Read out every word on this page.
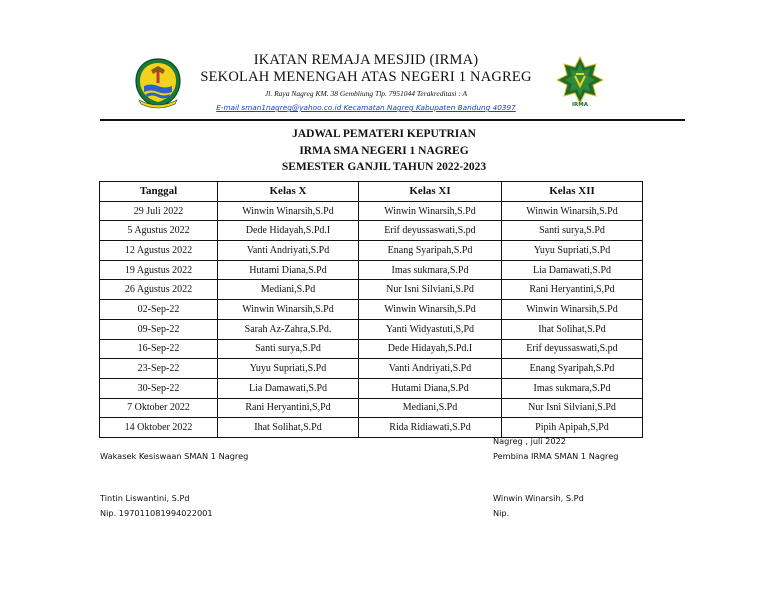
IKATAN REMAJA MESJID (IRMA)
SEKOLAH MENENGAH ATAS NEGERI 1 NAGREG
Jl. Raya Nagreg KM. 38 Gembliung Tlp. 7951044 Terakreditasi : A
E-mail sman1nagreg@yahoo.co.id Kecamatan Nagreg Kabupaten Bandung 40397	IRMA
JADWAL PEMATERI KEPUTRIAN
IRMA SMA NEGERI 1 NAGREG
SEMESTER GANJIL TAHUN 2022-2023
Tanggal	Kelas X	Kelas XI	Kelas XII
29 Juli 2022	Winwin Winarsih,S.Pd	Winwin Winarsih,S.Pd	Winwin Winarsih,S.Pd
5 Agustus 2022	Dede Hidayah,S.Pd.I	Erif deyussaswati,S.pd	Santi surya,S.Pd
12 Agustus 2022	Vanti Andriyati,S.Pd	Enang Syaripah,S.Pd	Yuyu Supriati,S.Pd
19 Agustus 2022	Hutami Diana,S.Pd	Imas sukmara,S.Pd	Lia Damawati,S.Pd
26 Agustus 2022	Mediani,S.Pd	Nur Isni Silviani,S.Pd	Rani Heryantini,S,Pd
02-Sep-22	Winwin Winarsih,S.Pd	Winwin Winarsih,S.Pd	Winwin Winarsih,S.Pd
09-Sep-22	Sarah Az-Zahra,S.Pd.	Yanti Widyastuti,S,Pd	Ihat Solihat,S.Pd
16-Sep-22	Santi surya,S.Pd	Dede Hidayah,S.Pd.I	Erif deyussaswati,S.pd
23-Sep-22	Yuyu Supriati,S.Pd	Vanti Andriyati,S.Pd	Enang Syaripah,S.Pd
30-Sep-22	Lia Damawati,S.Pd	Hutami Diana,S.Pd	Imas sukmara,S.Pd
7 Oktober 2022	Rani Heryantini,S,Pd	Mediani,S.Pd	Nur Isni Silviani,S.Pd
14 Oktober 2022	Ihat Solihat,S.Pd	Rida Ridiawati,S.Pd	Pipih Apipah,S,Pd
Nagreg , juli 2022
Wakasek Kesiswaan SMAN 1 Nagreg	Pembina IRMA SMAN 1 Nagreg
Tintin Liswantini, S.Pd	Winwin Winarsih, S.Pd
Nip. 197011081994022001	Nip.
